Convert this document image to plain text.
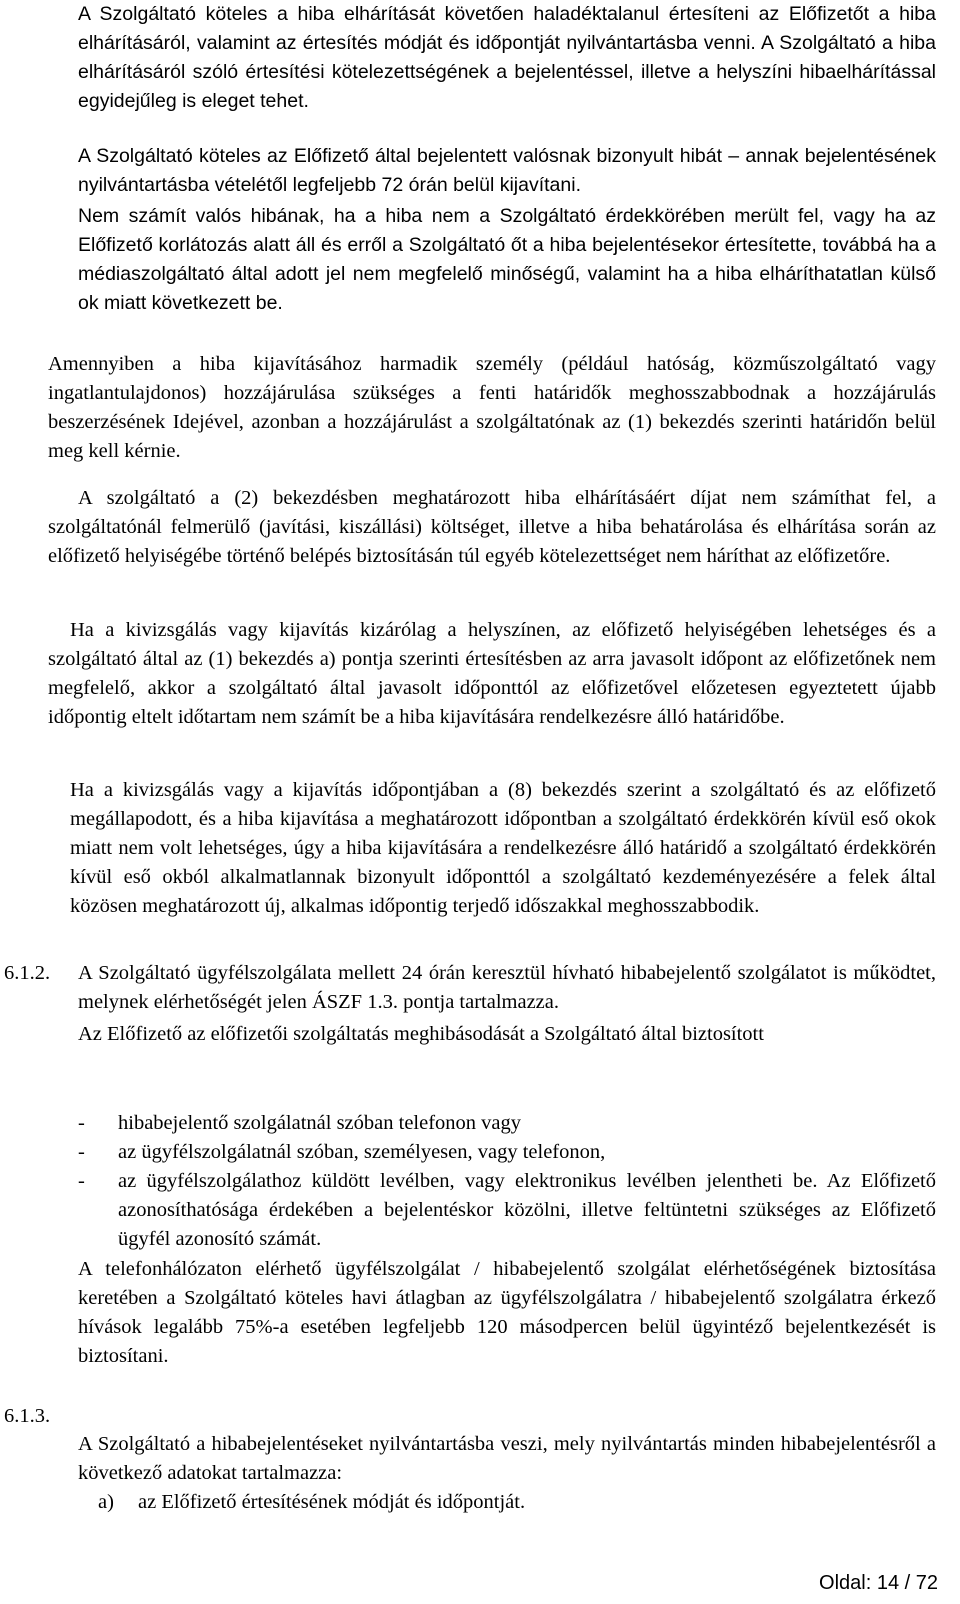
A Szolgáltató köteles a hiba elhárítását követően haladéktalanul értesíteni az Előfizetőt a hiba elhárításáról, valamint az értesítés módját és időpontját nyilvántartásba venni. A Szolgáltató a hiba elhárításáról szóló értesítési kötelezettségének a bejelentéssel, illetve a helyszíni hibaelhárítással egyidejűleg is eleget tehet.

A Szolgáltató köteles az Előfizető által bejelentett valósnak bizonyult hibát – annak bejelentésének nyilvántartásba vételétől legfeljebb 72 órán belül kijavítani.

Nem számít valós hibának, ha a hiba nem a Szolgáltató érdekkörében merült fel, vagy ha az Előfizető korlátozás alatt áll és erről a Szolgáltató őt a hiba bejelentésekor értesítette, továbbá ha a médiaszolgáltató által adott jel nem megfelelő minőségű, valamint ha a hiba elháríthatatlan külső ok miatt következett be.

Amennyiben a hiba kijavításához harmadik személy (például hatóság, közműszolgáltató vagy ingatlantulajdonos) hozzájárulása szükséges a fenti határidők meghosszabbodnak a hozzájárulás beszerzésének Idejével, azonban a hozzájárulást a szolgáltatónak az (1) bekezdés szerinti határidőn belül meg kell kérnie.

A szolgáltató a (2) bekezdésben meghatározott hiba elhárításáért díjat nem számíthat fel, a szolgáltatónál felmerülő (javítási, kiszállási) költséget, illetve a hiba behatárolása és elhárítása során az előfizető helyiségébe történő belépés biztosításán túl egyéb kötelezettséget nem háríthat az előfizetőre.

Ha a kivizsgálás vagy kijavítás kizárólag a helyszínen, az előfizető helyiségében lehetséges és a szolgáltató által az (1) bekezdés a) pontja szerinti értesítésben az arra javasolt időpont az előfizetőnek nem megfelelő, akkor a szolgáltató által javasolt időponttól az előfizetővel előzetesen egyeztetett újabb időpontig eltelt időtartam nem számít be a hiba kijavítására rendelkezésre álló határidőbe.

Ha a kivizsgálás vagy a kijavítás időpontjában a (8) bekezdés szerint a szolgáltató és az előfizető megállapodott, és a hiba kijavítása a meghatározott időpontban a szolgáltató érdekkörén kívül eső okok miatt nem volt lehetséges, úgy a hiba kijavítására a rendelkezésre álló határidő a szolgáltató érdekkörén kívül eső okból alkalmatlannak bizonyult időponttól a szolgáltató kezdeményezésére a felek által közösen meghatározott új, alkalmas időpontig terjedő időszakkal meghosszabbodik.

6.1.2. A Szolgáltató ügyfélszolgálata mellett 24 órán keresztül hívható hibabejelentő szolgálatot is működtet, melynek elérhetőségét jelen ÁSZF 1.3. pontja tartalmazza.

Az Előfizető az előfizetői szolgáltatás meghibásodását a Szolgáltató által biztosított

- hibabejelentő szolgálatnál szóban telefonon vagy
- az ügyfélszolgálatnál szóban, személyesen, vagy telefonon,
- az ügyfélszolgálathoz küldött levélben, vagy elektronikus levélben jelentheti be. Az Előfizető azonosíthatósága érdekében a bejelentéskor közölni, illetve feltüntetni szükséges az Előfizető ügyfél azonosító számát.

A telefonhálózaton elérhető ügyfélszolgálat / hibabejelentő szolgálat elérhetőségének biztosítása keretében a Szolgáltató köteles havi átlagban az ügyfélszolgálatra / hibabejelentő szolgálatra érkező hívások legalább 75%-a esetében legfeljebb 120 másodpercen belül ügyintéző bejelentkezését is biztosítani.

6.1.3.

A Szolgáltató a hibabejelentéseket nyilvántartásba veszi, mely nyilvántartás minden hibabejelentésről a következő adatokat tartalmazza:

a) az Előfizető értesítésének módját és időpontját.
Oldal: 14 / 72
